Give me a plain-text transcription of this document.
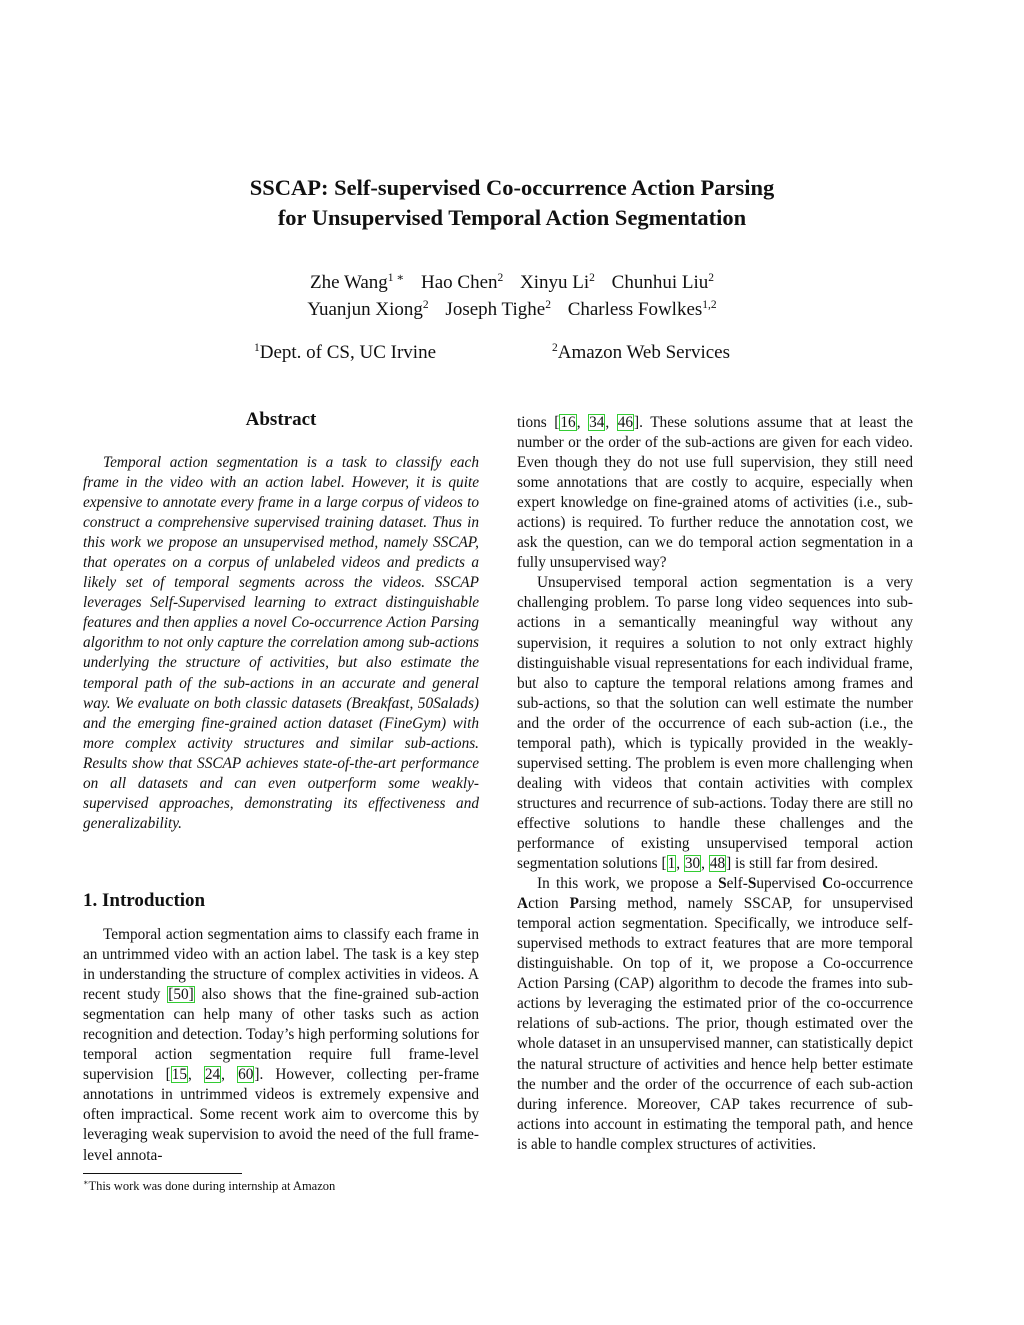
SSCAP: Self-supervised Co-occurrence Action Parsing
for Unsupervised Temporal Action Segmentation
Zhe Wang$^{1 ∗}$ Hao Chen$^2$ Xinyu Li$^2$ Chunhui Liu$^2$
Yuanjun Xiong$^2$ Joseph Tighe$^2$ Charless Fowlkes$^{1,2}$
$^1$Dept. of CS, UC Irvine	$^2$Amazon Web Services
Abstract

Temporal action segmentation is a task to classify each frame in the video with an action label. However, it is quite expensive to annotate every frame in a large corpus of videos to construct a comprehensive supervised training dataset. Thus in this work we propose an unsupervised method, namely SSCAP, that operates on a corpus of unlabeled videos and predicts a likely set of temporal segments across the videos. SSCAP leverages Self-Supervised learning to extract distinguishable features and then applies a novel Co-occurrence Action Parsing algorithm to not only capture the correlation among sub-actions underlying the structure of activities, but also estimate the temporal path of the sub-actions in an accurate and general way. We evaluate on both classic datasets (Breakfast, 50Salads) and the emerging fine-grained action dataset (FineGym) with more complex activity structures and similar sub-actions. Results show that SSCAP achieves state-of-the-art performance on all datasets and can even outperform some weakly-supervised approaches, demonstrating its effectiveness and generalizability.

1. Introduction

Temporal action segmentation aims to classify each frame in an untrimmed video with an action label. The task is a key step in understanding the structure of complex activities in videos. A recent study [50] also shows that the fine-grained sub-action segmentation can help many of other tasks such as action recognition and detection. Today’s high performing solutions for temporal action segmentation require full frame-level supervision [15, 24, 60]. However, collecting per-frame annotations in untrimmed videos is extremely expensive and often impractical. Some recent work aim to overcome this by leveraging weak supervision to avoid the need of the full frame-level annota-

tions [16, 34, 46]. These solutions assume that at least the number or the order of the sub-actions are given for each video. Even though they do not use full supervision, they still need some annotations that are costly to acquire, especially when expert knowledge on fine-grained atoms of activities (i.e., sub-actions) is required. To further reduce the annotation cost, we ask the question, can we do temporal action segmentation in a fully unsupervised way?

Unsupervised temporal action segmentation is a very challenging problem. To parse long video sequences into sub-actions in a semantically meaningful way without any supervision, it requires a solution to not only extract highly distinguishable visual representations for each individual frame, but also to capture the temporal relations among frames and sub-actions, so that the solution can well estimate the number and the order of the occurrence of each sub-action (i.e., the temporal path), which is typically provided in the weakly-supervised setting. The problem is even more challenging when dealing with videos that contain activities with complex structures and recurrence of sub-actions. Today there are still no effective solutions to handle these challenges and the performance of existing unsupervised temporal action segmentation solutions [1, 30, 48] is still far from desired.

In this work, we propose a Self-Supervised Co-occurrence Action Parsing method, namely SSCAP, for unsupervised temporal action segmentation. Specifically, we introduce self-supervised methods to extract features that are more temporal distinguishable. On top of it, we propose a Co-occurrence Action Parsing (CAP) algorithm to decode the frames into sub-actions by leveraging the estimated prior of the co-occurrence relations of sub-actions. The prior, though estimated over the whole dataset in an unsupervised manner, can statistically depict the natural structure of activities and hence help better estimate the number and the order of the occurrence of each sub-action during inference. Moreover, CAP takes recurrence of sub-actions into account in estimating the temporal path, and hence is able to handle complex structures of activities.

∗This work was done during internship at Amazon
